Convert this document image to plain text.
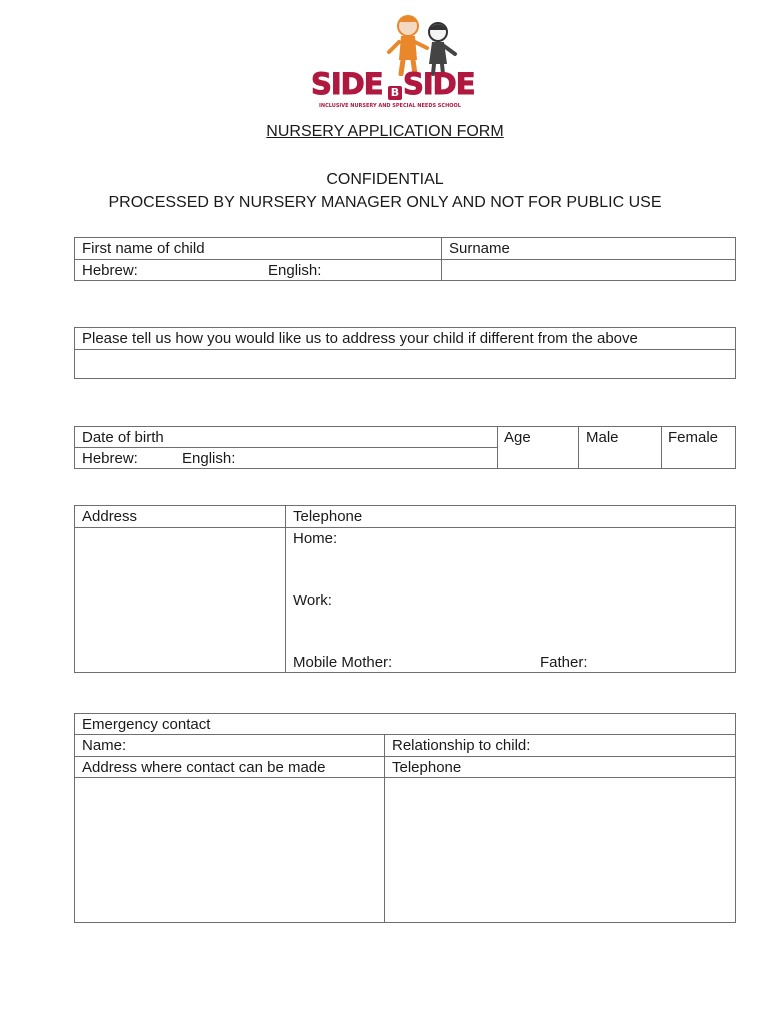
SIDE B SIDE
INCLUSIVE NURSERY AND SPECIAL NEEDS SCHOOL
NURSERY APPLICATION FORM
CONFIDENTIAL
PROCESSED BY NURSERY MANAGER ONLY AND NOT FOR PUBLIC USE
First name of child	Surname
Hebrew:	English:
Please tell us how you would like us to address your child if different from the above
Date of birth
Hebrew:	English:
Age	Male	Female
Address	Telephone
Home:
Work:
Mobile Mother:	Father:
Emergency contact
Name:	Relationship to child:
Address where contact can be made	Telephone
